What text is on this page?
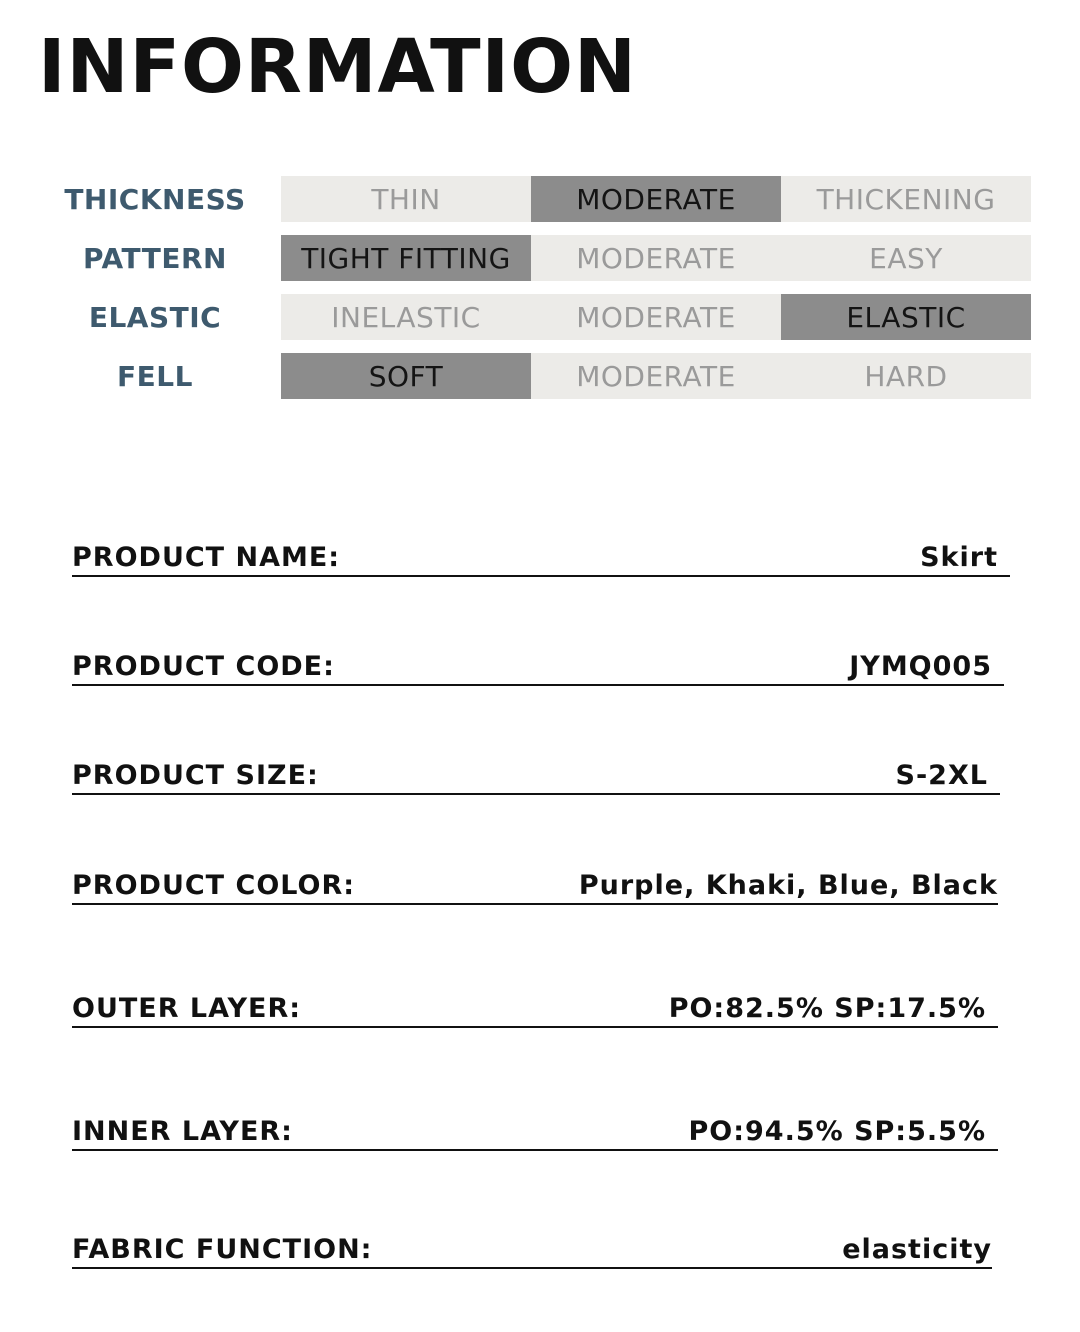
INFORMATION
THICKNESS	THIN	MODERATE	THICKENING
PATTERN	TIGHT FITTING	MODERATE	EASY
ELASTIC	INELASTIC	MODERATE	ELASTIC
FELL	SOFT	MODERATE	HARD
PRODUCT NAME:	Skirt
PRODUCT CODE:	JYMQ005
PRODUCT SIZE:	S-2XL
PRODUCT COLOR:	Purple, Khaki, Blue, Black
OUTER LAYER:	PO:82.5% SP:17.5%
INNER LAYER:	PO:94.5% SP:5.5%
FABRIC FUNCTION:	elasticity
